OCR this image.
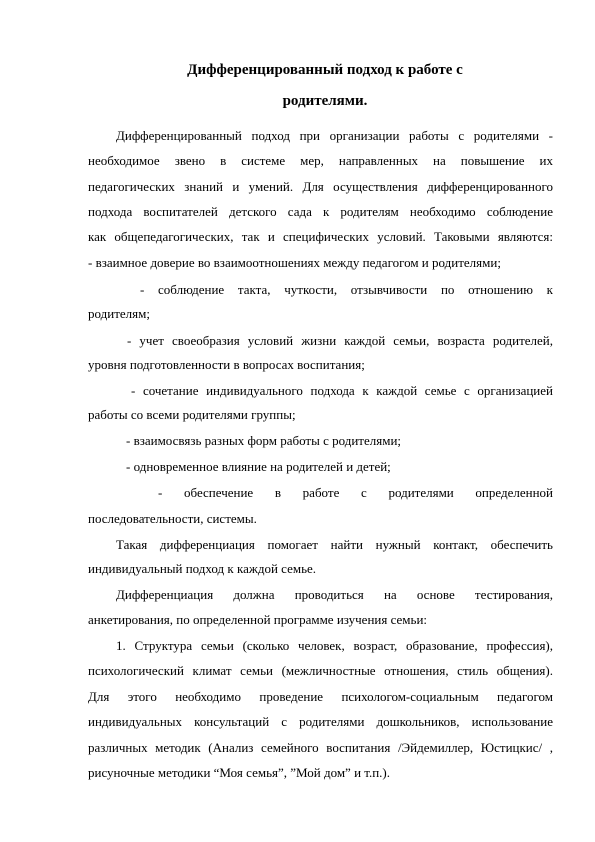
Дифференцированный подход к работе с
родителями.
Дифференцированный подход при организации работы с родителями -
необходимое звено в системе мер, направленных на повышение их
педагогических знаний и умений. Для осуществления дифференцированного
подхода воспитателей детского сада к родителям необходимо соблюдение
как общепедагогических, так и специфических условий. Таковыми являются:
- взаимное доверие во взаимоотношениях между педагогом и родителями;
- соблюдение такта, чуткости, отзывчивости по отношению к
родителям;
- учет своеобразия условий жизни каждой семьи, возраста родителей,
уровня подготовленности в вопросах воспитания;
- сочетание индивидуального подхода к каждой семье с организацией
работы со всеми родителями группы;
- взаимосвязь разных форм работы с родителями;
- одновременное влияние на родителей и детей;
- обеспечение в работе с родителями определенной
последовательности, системы.
Такая дифференциация помогает найти нужный контакт, обеспечить
индивидуальный подход к каждой семье.
Дифференциация должна проводиться на основе тестирования,
анкетирования, по определенной программе изучения семьи:
1. Структура семьи (сколько человек, возраст, образование, профессия),
психологический климат семьи (межличностные отношения, стиль общения).
Для этого необходимо проведение психологом-социальным педагогом
индивидуальных консультаций с родителями дошкольников, использование
различных методик (Анализ семейного воспитания /Эйдемиллер, Юстицкис/ ,
рисуночные методики “Моя семья”, ”Мой дом” и т.п.).
